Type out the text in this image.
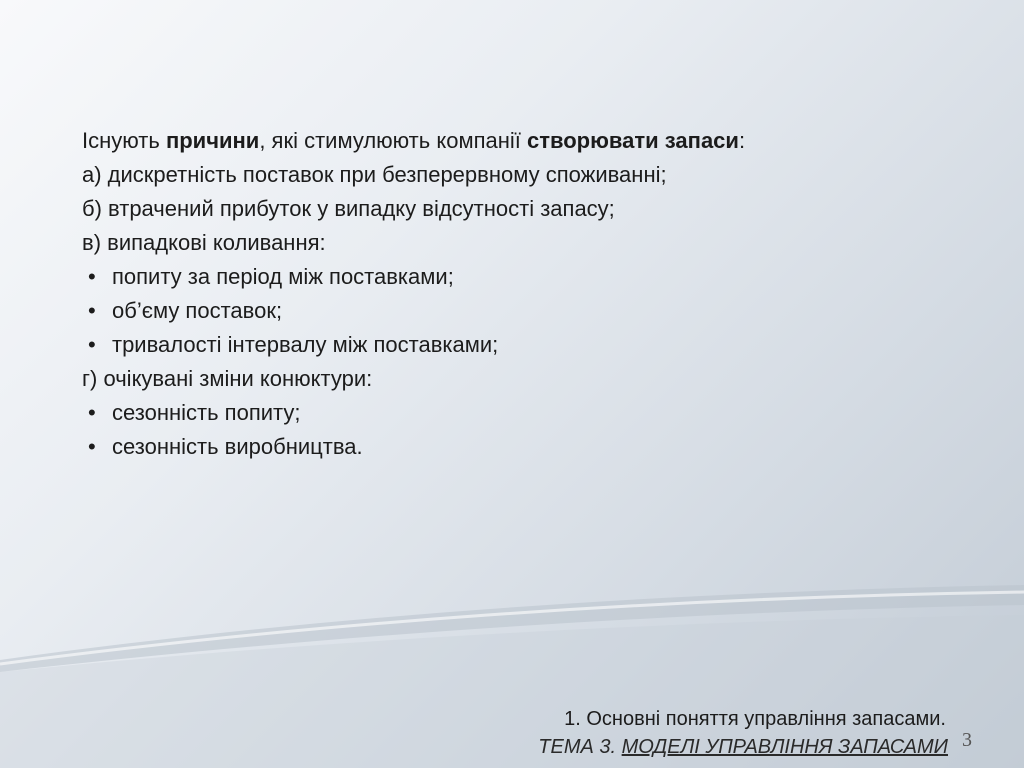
Існують причини, які стимулюють компанії створювати запаси:
а) дискретність поставок при безперервному споживанні;
б) втрачений прибуток у випадку відсутності запасу;
в) випадкові коливання:
• попиту за період між поставками;
• об’єму поставок;
• тривалості інтервалу між поставками;
г) очікувані зміни конюктури:
• сезонність попиту;
• сезонність виробництва.
1. Основні поняття управління запасами.
ТЕМА 3. МОДЕЛІ УПРАВЛІННЯ ЗАПАСАМИ 3
